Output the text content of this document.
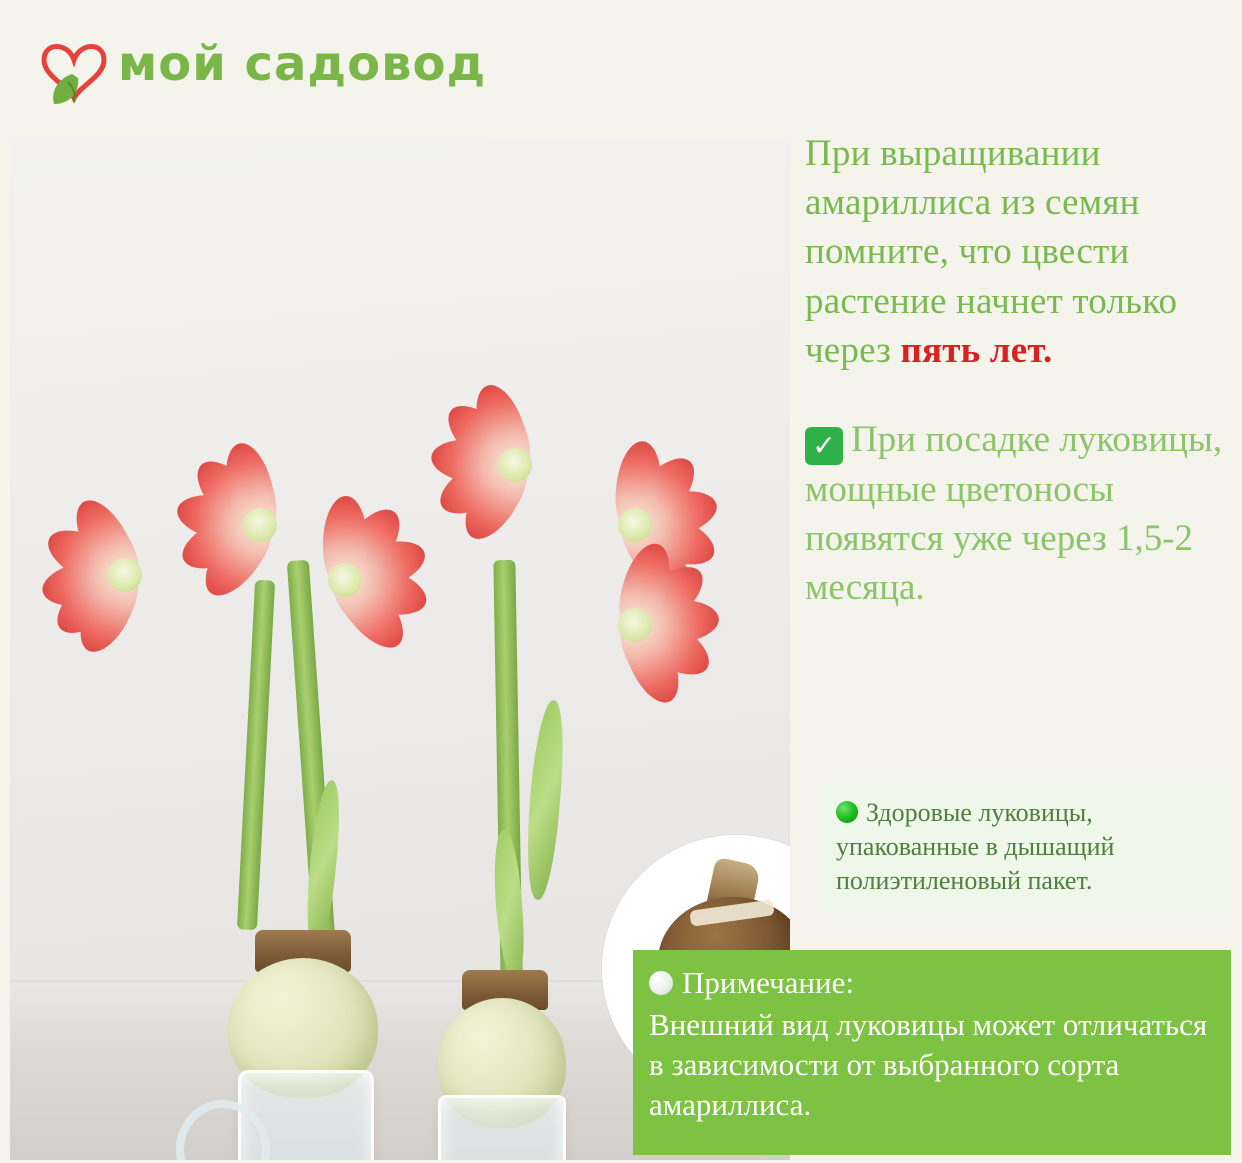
мой садовод

При выращивании амариллиса из семян помните, что цвести растение начнет только через пять лет.

✓ При посадке луковицы, мощные цветоносы появятся уже через 1,5-2 месяца.

Здоровые луковицы, упакованные в дышащий полиэтиленовый пакет.
Примечание:
Внешний вид луковицы может отличаться в зависимости от выбранного сорта амариллиса.
